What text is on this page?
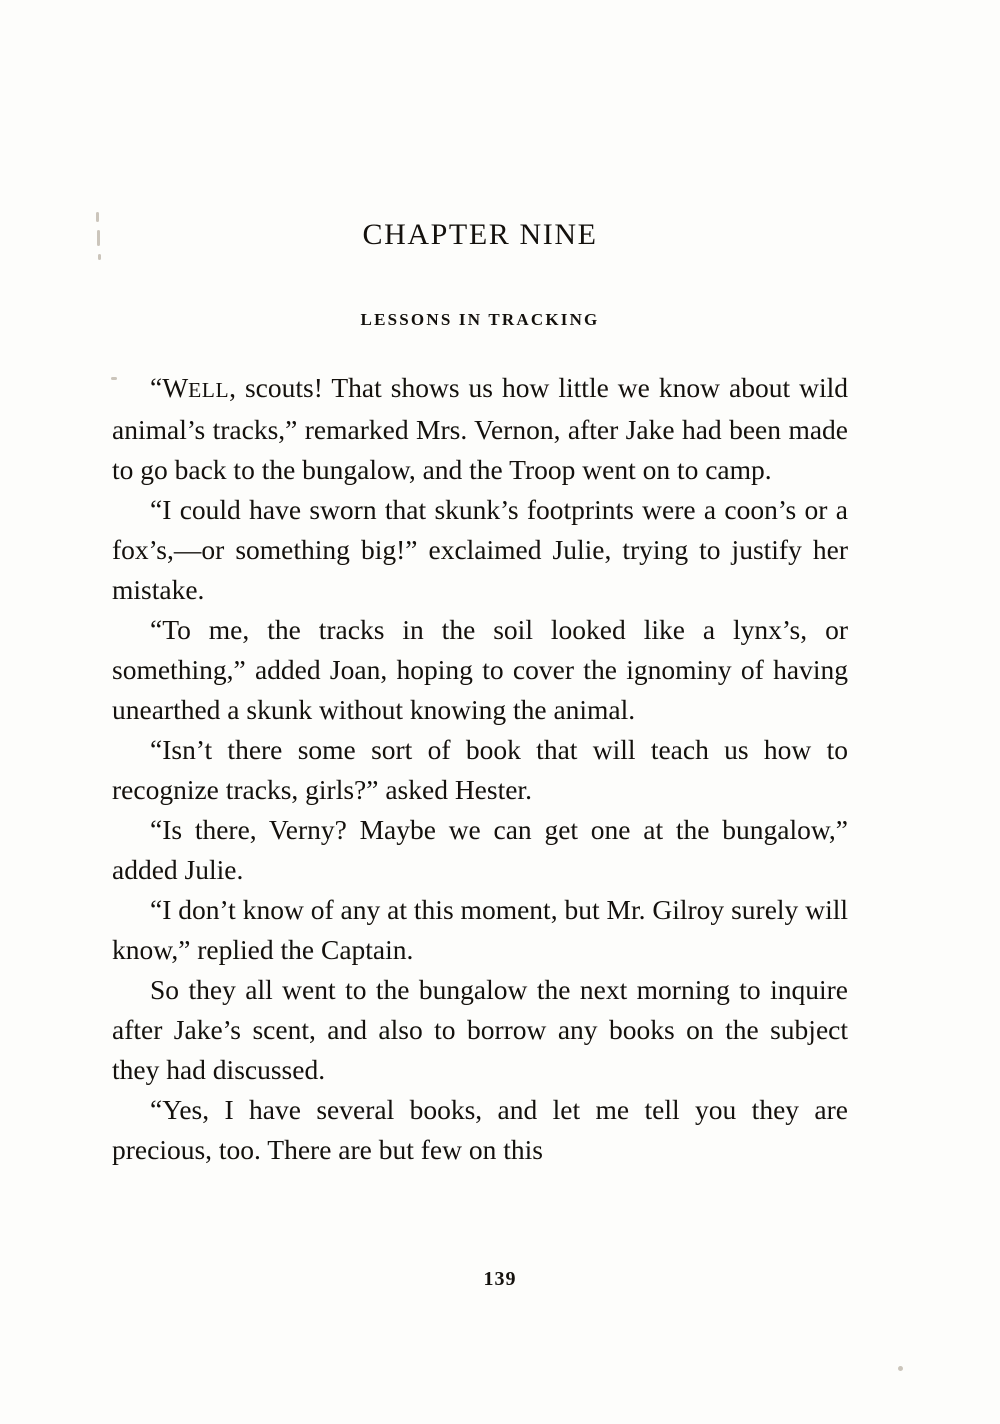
CHAPTER NINE
LESSONS IN TRACKING

“WELL, scouts! That shows us how little we know about wild animal’s tracks,” remarked Mrs. Vernon, after Jake had been made to go back to the bungalow, and the Troop went on to camp.

“I could have sworn that skunk’s footprints were a coon’s or a fox’s,—or something big!” exclaimed Julie, trying to justify her mistake.

“To me, the tracks in the soil looked like a lynx’s, or something,” added Joan, hoping to cover the ignominy of having unearthed a skunk without knowing the animal.

“Isn’t there some sort of book that will teach us how to recognize tracks, girls?” asked Hester.

“Is there, Verny? Maybe we can get one at the bungalow,” added Julie.

“I don’t know of any at this moment, but Mr. Gilroy surely will know,” replied the Captain.

So they all went to the bungalow the next morning to inquire after Jake’s scent, and also to borrow any books on the subject they had discussed.

“Yes, I have several books, and let me tell you they are precious, too. There are but few on this

139
